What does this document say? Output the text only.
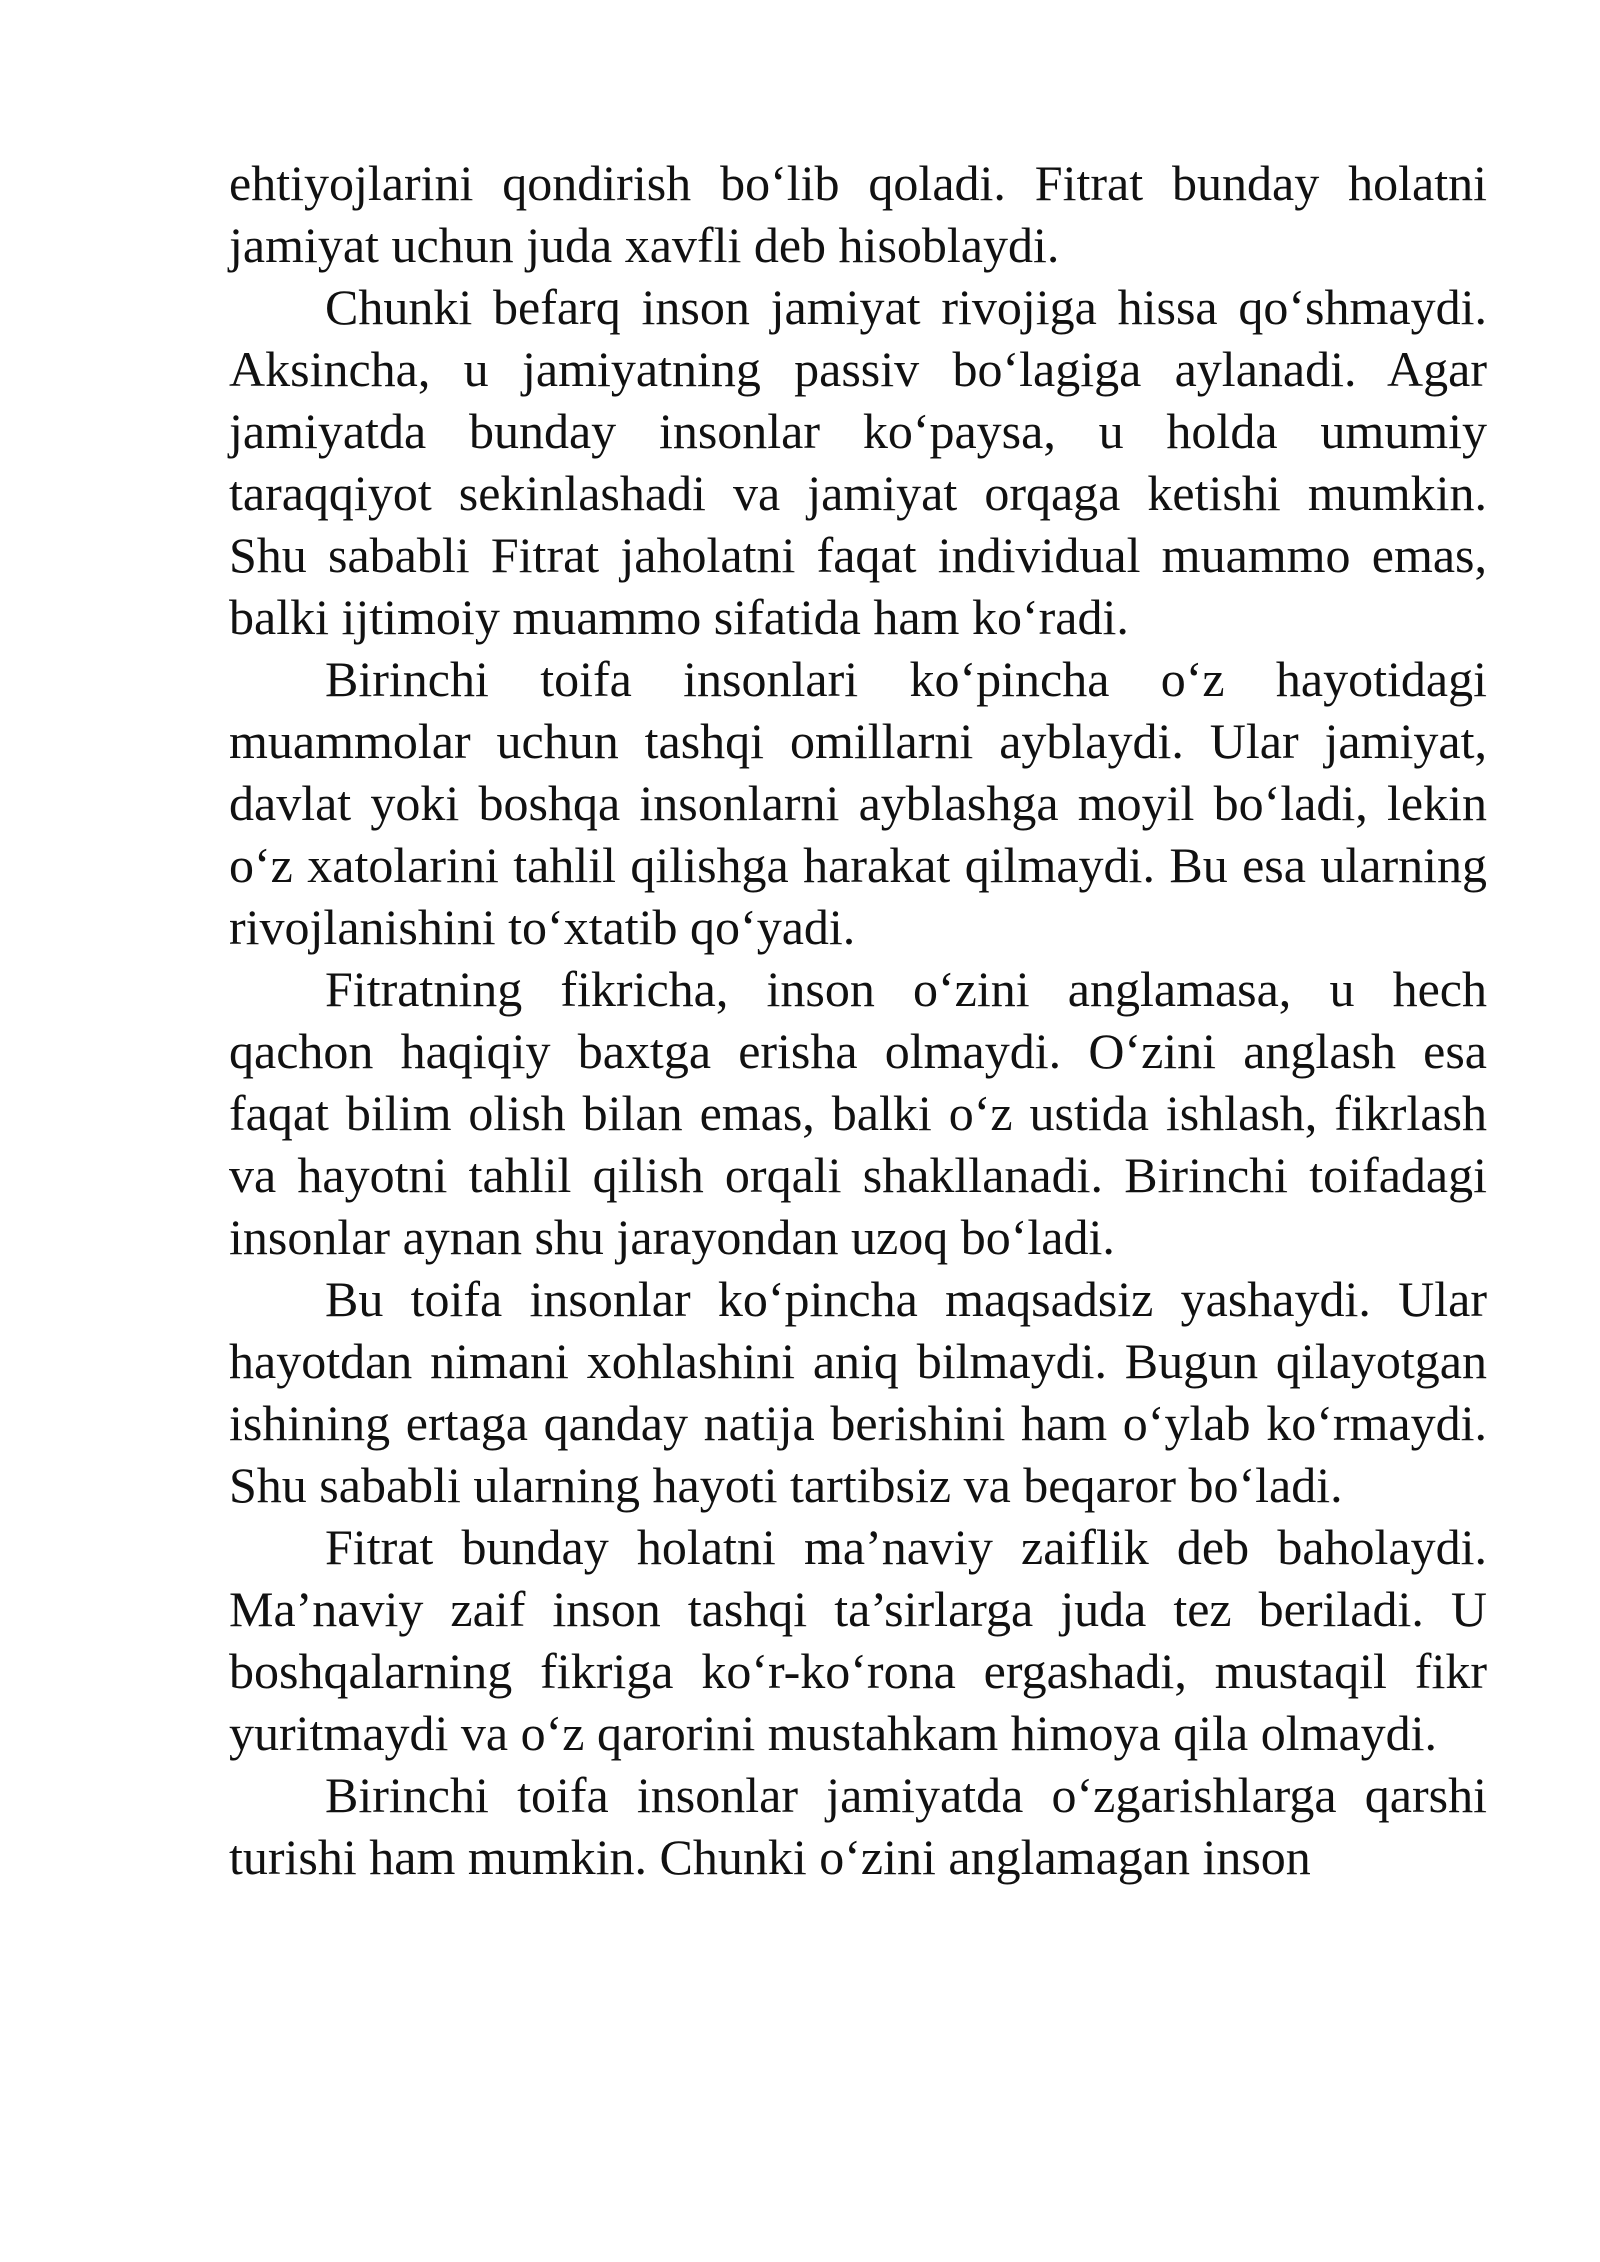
ehtiyojlarini qondirish bo‘lib qoladi. Fitrat bunday holatni jamiyat uchun juda xavfli deb hisoblaydi.

Chunki befarq inson jamiyat rivojiga hissa qo‘shmaydi. Aksincha, u jamiyatning passiv bo‘lagiga aylanadi. Agar jamiyatda bunday insonlar ko‘paysa, u holda umumiy taraqqiyot sekinlashadi va jamiyat orqaga ketishi mumkin. Shu sababli Fitrat jaholatni faqat individual muammo emas, balki ijtimoiy muammo sifatida ham ko‘radi.

Birinchi toifa insonlari ko‘pincha o‘z hayotidagi muammolar uchun tashqi omillarni ayblaydi. Ular jamiyat, davlat yoki boshqa insonlarni ayblashga moyil bo‘ladi, lekin o‘z xatolarini tahlil qilishga harakat qilmaydi. Bu esa ularning rivojlanishini to‘xtatib qo‘yadi.

Fitratning fikricha, inson o‘zini anglamasa, u hech qachon haqiqiy baxtga erisha olmaydi. O‘zini anglash esa faqat bilim olish bilan emas, balki o‘z ustida ishlash, fikrlash va hayotni tahlil qilish orqali shakllanadi. Birinchi toifadagi insonlar aynan shu jarayondan uzoq bo‘ladi.

Bu toifa insonlar ko‘pincha maqsadsiz yashaydi. Ular hayotdan nimani xohlashini aniq bilmaydi. Bugun qilayotgan ishining ertaga qanday natija berishini ham o‘ylab ko‘rmaydi. Shu sababli ularning hayoti tartibsiz va beqaror bo‘ladi.

Fitrat bunday holatni ma’naviy zaiflik deb baholaydi. Ma’naviy zaif inson tashqi ta’sirlarga juda tez beriladi. U boshqalarning fikriga ko‘r-ko‘rona ergashadi, mustaqil fikr yuritmaydi va o‘z qarorini mustahkam himoya qila olmaydi.

Birinchi toifa insonlar jamiyatda o‘zgarishlarga qarshi turishi ham mumkin. Chunki o‘zini anglamagan inson
